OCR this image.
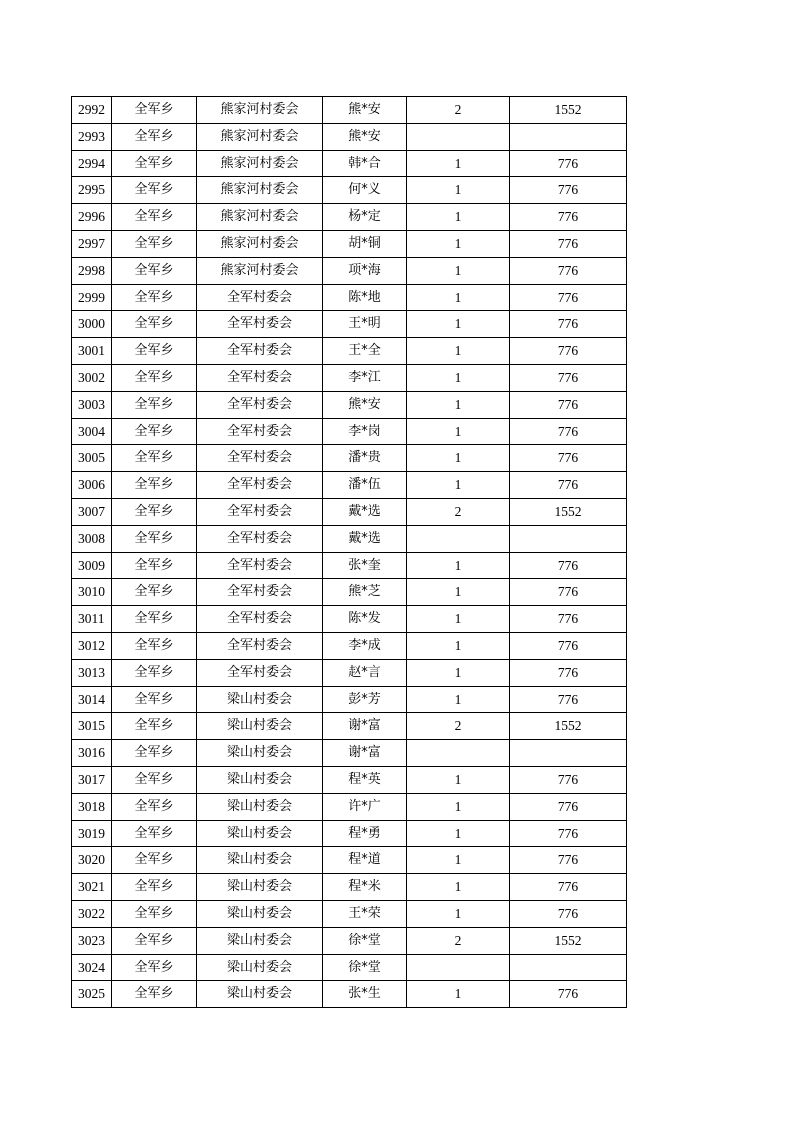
2992	全军乡	熊家河村委会	熊*安	2	1552
2993	全军乡	熊家河村委会	熊*安		
2994	全军乡	熊家河村委会	韩*合	1	776
2995	全军乡	熊家河村委会	何*义	1	776
2996	全军乡	熊家河村委会	杨*定	1	776
2997	全军乡	熊家河村委会	胡*铜	1	776
2998	全军乡	熊家河村委会	项*海	1	776
2999	全军乡	全军村委会	陈*地	1	776
3000	全军乡	全军村委会	王*明	1	776
3001	全军乡	全军村委会	王*全	1	776
3002	全军乡	全军村委会	李*江	1	776
3003	全军乡	全军村委会	熊*安	1	776
3004	全军乡	全军村委会	李*岗	1	776
3005	全军乡	全军村委会	潘*贵	1	776
3006	全军乡	全军村委会	潘*伍	1	776
3007	全军乡	全军村委会	戴*选	2	1552
3008	全军乡	全军村委会	戴*选		
3009	全军乡	全军村委会	张*奎	1	776
3010	全军乡	全军村委会	熊*芝	1	776
3011	全军乡	全军村委会	陈*发	1	776
3012	全军乡	全军村委会	李*成	1	776
3013	全军乡	全军村委会	赵*言	1	776
3014	全军乡	梁山村委会	彭*芳	1	776
3015	全军乡	梁山村委会	谢*富	2	1552
3016	全军乡	梁山村委会	谢*富		
3017	全军乡	梁山村委会	程*英	1	776
3018	全军乡	梁山村委会	许*广	1	776
3019	全军乡	梁山村委会	程*勇	1	776
3020	全军乡	梁山村委会	程*道	1	776
3021	全军乡	梁山村委会	程*米	1	776
3022	全军乡	梁山村委会	王*荣	1	776
3023	全军乡	梁山村委会	徐*堂	2	1552
3024	全军乡	梁山村委会	徐*堂		
3025	全军乡	梁山村委会	张*生	1	776
